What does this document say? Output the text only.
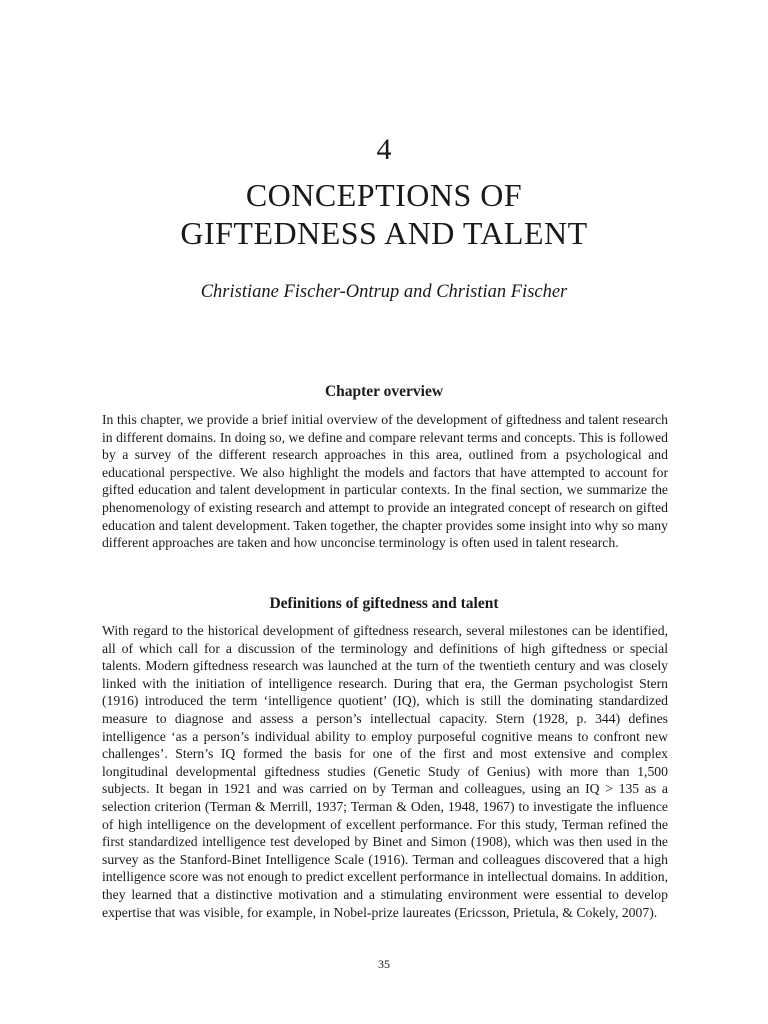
4
CONCEPTIONS OF
GIFTEDNESS AND TALENT
Christiane Fischer-Ontrup and Christian Fischer
Chapter overview

In this chapter, we provide a brief initial overview of the development of giftedness and talent research in different domains. In doing so, we define and compare relevant terms and concepts. This is followed by a survey of the different research approaches in this area, outlined from a psychological and educational perspective. We also highlight the models and factors that have attempted to account for gifted education and talent development in particular contexts. In the final section, we summarize the phenomenology of existing research and attempt to provide an integrated concept of research on gifted education and talent development. Taken together, the chapter provides some insight into why so many different approaches are taken and how unconcise terminology is often used in talent research.

Definitions of giftedness and talent

With regard to the historical development of giftedness research, several milestones can be identified, all of which call for a discussion of the terminology and definitions of high giftedness or special talents. Modern giftedness research was launched at the turn of the twentieth century and was closely linked with the initiation of intelligence research. During that era, the German psychologist Stern (1916) introduced the term ‘intelligence quotient’ (IQ), which is still the dominating standardized measure to diagnose and assess a person’s intellectual capacity. Stern (1928, p. 344) defines intelligence ‘as a person’s individual ability to employ purposeful cognitive means to confront new challenges’. Stern’s IQ formed the basis for one of the first and most extensive and complex longitudinal developmental giftedness studies (Genetic Study of Genius) with more than 1,500 subjects. It began in 1921 and was carried on by Terman and colleagues, using an IQ > 135 as a selection criterion (Terman & Merrill, 1937; Terman & Oden, 1948, 1967) to investigate the influence of high intelligence on the development of excellent performance. For this study, Terman refined the first standardized intelligence test developed by Binet and Simon (1908), which was then used in the survey as the Stanford-Binet Intelligence Scale (1916). Terman and colleagues discovered that a high intelligence score was not enough to predict excellent performance in intellectual domains. In addition, they learned that a distinctive motivation and a stimulating environment were essential to develop expertise that was visible, for example, in Nobel-prize laureates (Ericsson, Prietula, & Cokely, 2007).

35
